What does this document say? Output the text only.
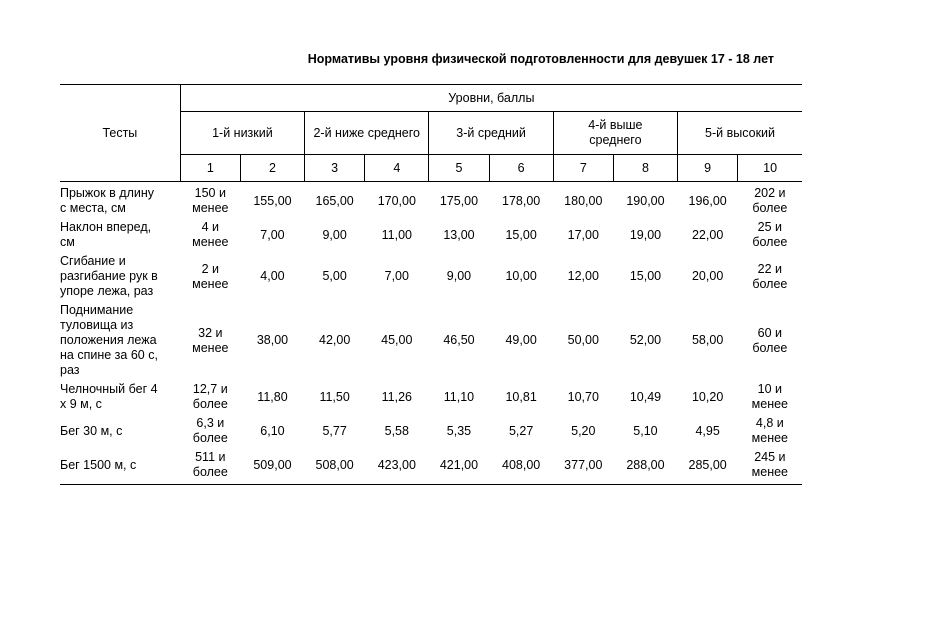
Нормативы уровня физической подготовленности для девушек 17 - 18 лет
Тесты	Уровни, баллы									

	1-й низкий		2-й ниже среднего		3-й средний		4-й выше
среднего		5-й высокий	

	1	2	3	4	5	6	7	8	9	10

Прыжок в длину
с места, см	150 и
менее	155,00	165,00	170,00	175,00	178,00	180,00	190,00	196,00	202 и
более

Наклон вперед,
см	4 и
менее	7,00	9,00	11,00	13,00	15,00	17,00	19,00	22,00	25 и
более

Сгибание и
разгибание рук в
упоре лежа, раз	2 и
менее	4,00	5,00	7,00	9,00	10,00	12,00	15,00	20,00	22 и
более

Поднимание
туловища из
положения лежа
на спине за 60 с,
раз	32 и
менее	38,00	42,00	45,00	46,50	49,00	50,00	52,00	58,00	60 и
более

Челночный бег 4
х 9 м, с	12,7 и
более	11,80	11,50	11,26	11,10	10,81	10,70	10,49	10,20	10 и
менее

Бег 30 м, с	6,3 и
более	6,10	5,77	5,58	5,35	5,27	5,20	5,10	4,95	4,8 и
менее

Бег 1500 м, с	511 и
более	509,00	508,00	423,00	421,00	408,00	377,00	288,00	285,00	245 и
менее
